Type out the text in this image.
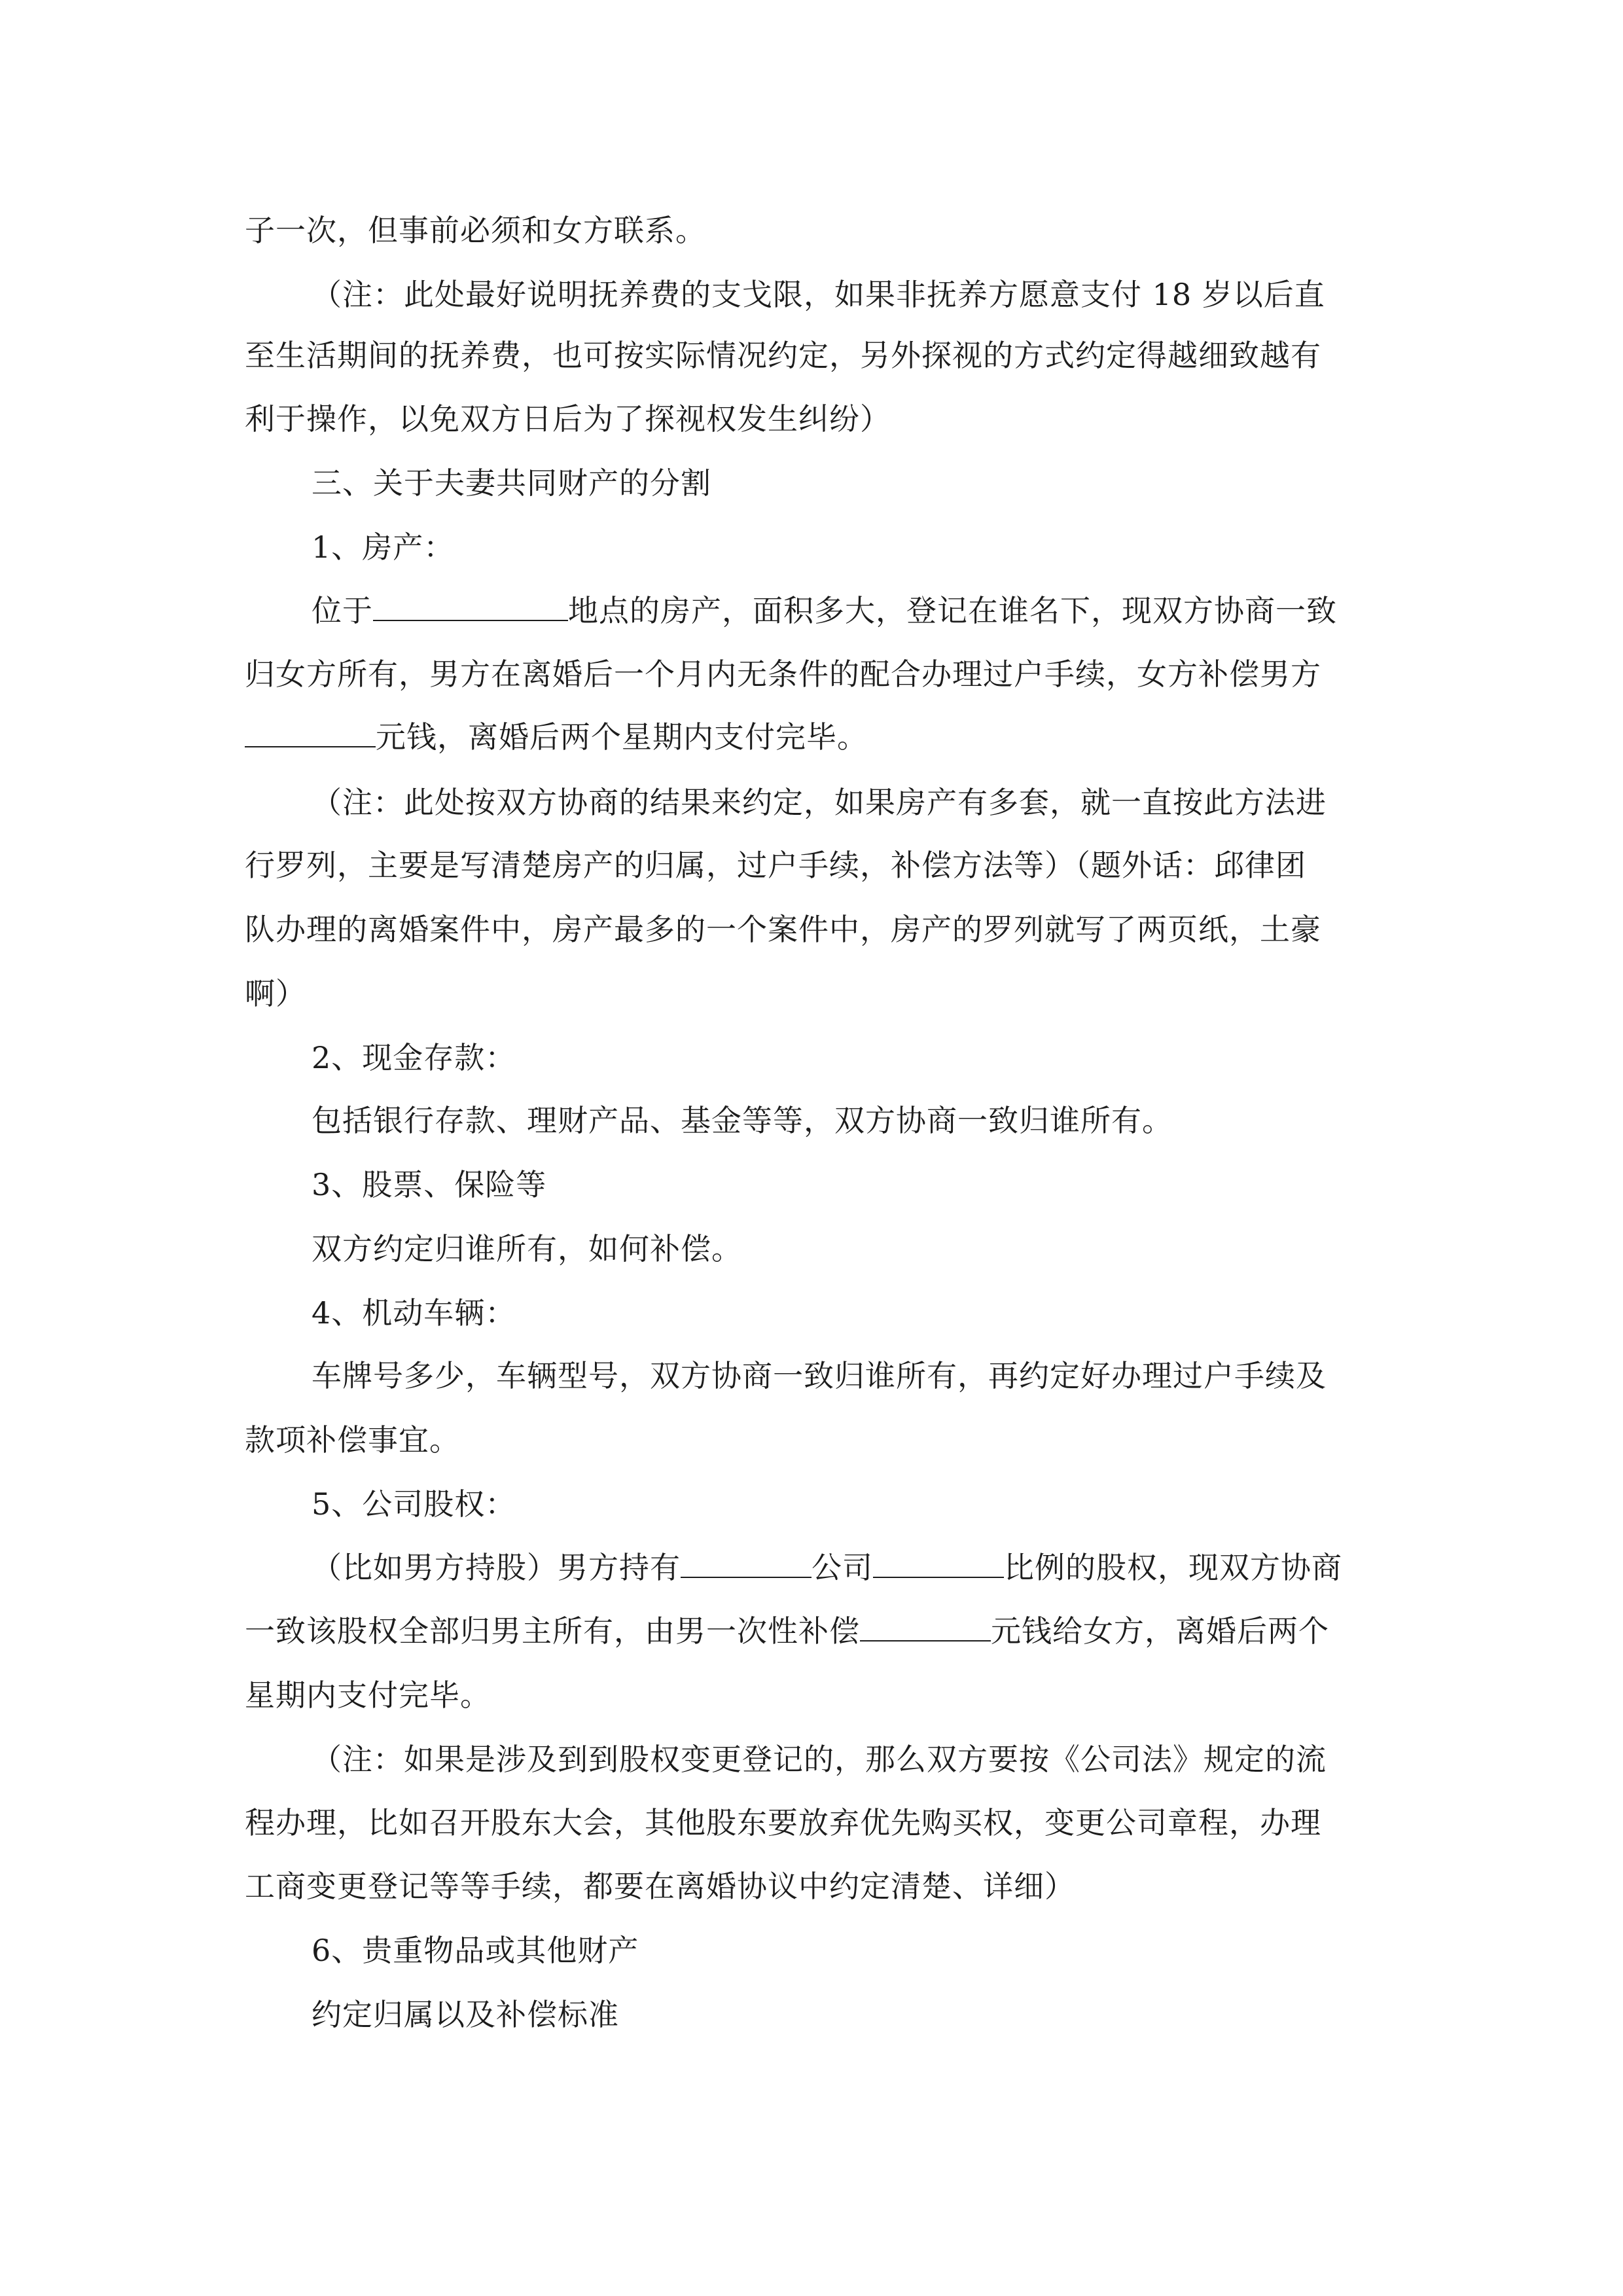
子一次，但事前必须和女方联系。
（注：此处最好说明抚养费的支戈限，如果非抚养方愿意支付 18 岁以后直
至生活期间的抚养费，也可按实际情况约定，另外探视的方式约定得越细致越有
利于操作，以免双方日后为了探视权发生纠纷）
三、关于夫妻共同财产的分割
1、房产：
位于	地点的房产，面积多大，登记在谁名下，现双方协商一致
归女方所有，男方在离婚后一个月内无条件的配合办理过户手续，女方补偿男方
元钱，离婚后两个星期内支付完毕。
（注：此处按双方协商的结果来约定，如果房产有多套，就一直按此方法进
行罗列，主要是写清楚房产的归属，过户手续，补偿方法等）（题外话：邱律团
队办理的离婚案件中，房产最多的一个案件中，房产的罗列就写了两页纸，土豪
啊）
2、现金存款：
包括银行存款、理财产品、基金等等，双方协商一致归谁所有。
3、股票、保险等
双方约定归谁所有，如何补偿。
4、机动车辆：
车牌号多少，车辆型号，双方协商一致归谁所有，再约定好办理过户手续及
款项补偿事宜。
5、公司股权：
（比如男方持股）男方持有	公司	比例的股权，现双方协商
一致该股权全部归男主所有，由男一次性补偿	元钱给女方，离婚后两个
星期内支付完毕。
（注：如果是涉及到到股权变更登记的，那么双方要按《公司法》规定的流
程办理，比如召开股东大会，其他股东要放弃优先购买权，变更公司章程，办理
工商变更登记等等手续，都要在离婚协议中约定清楚、详细）
6、贵重物品或其他财产
约定归属以及补偿标准
